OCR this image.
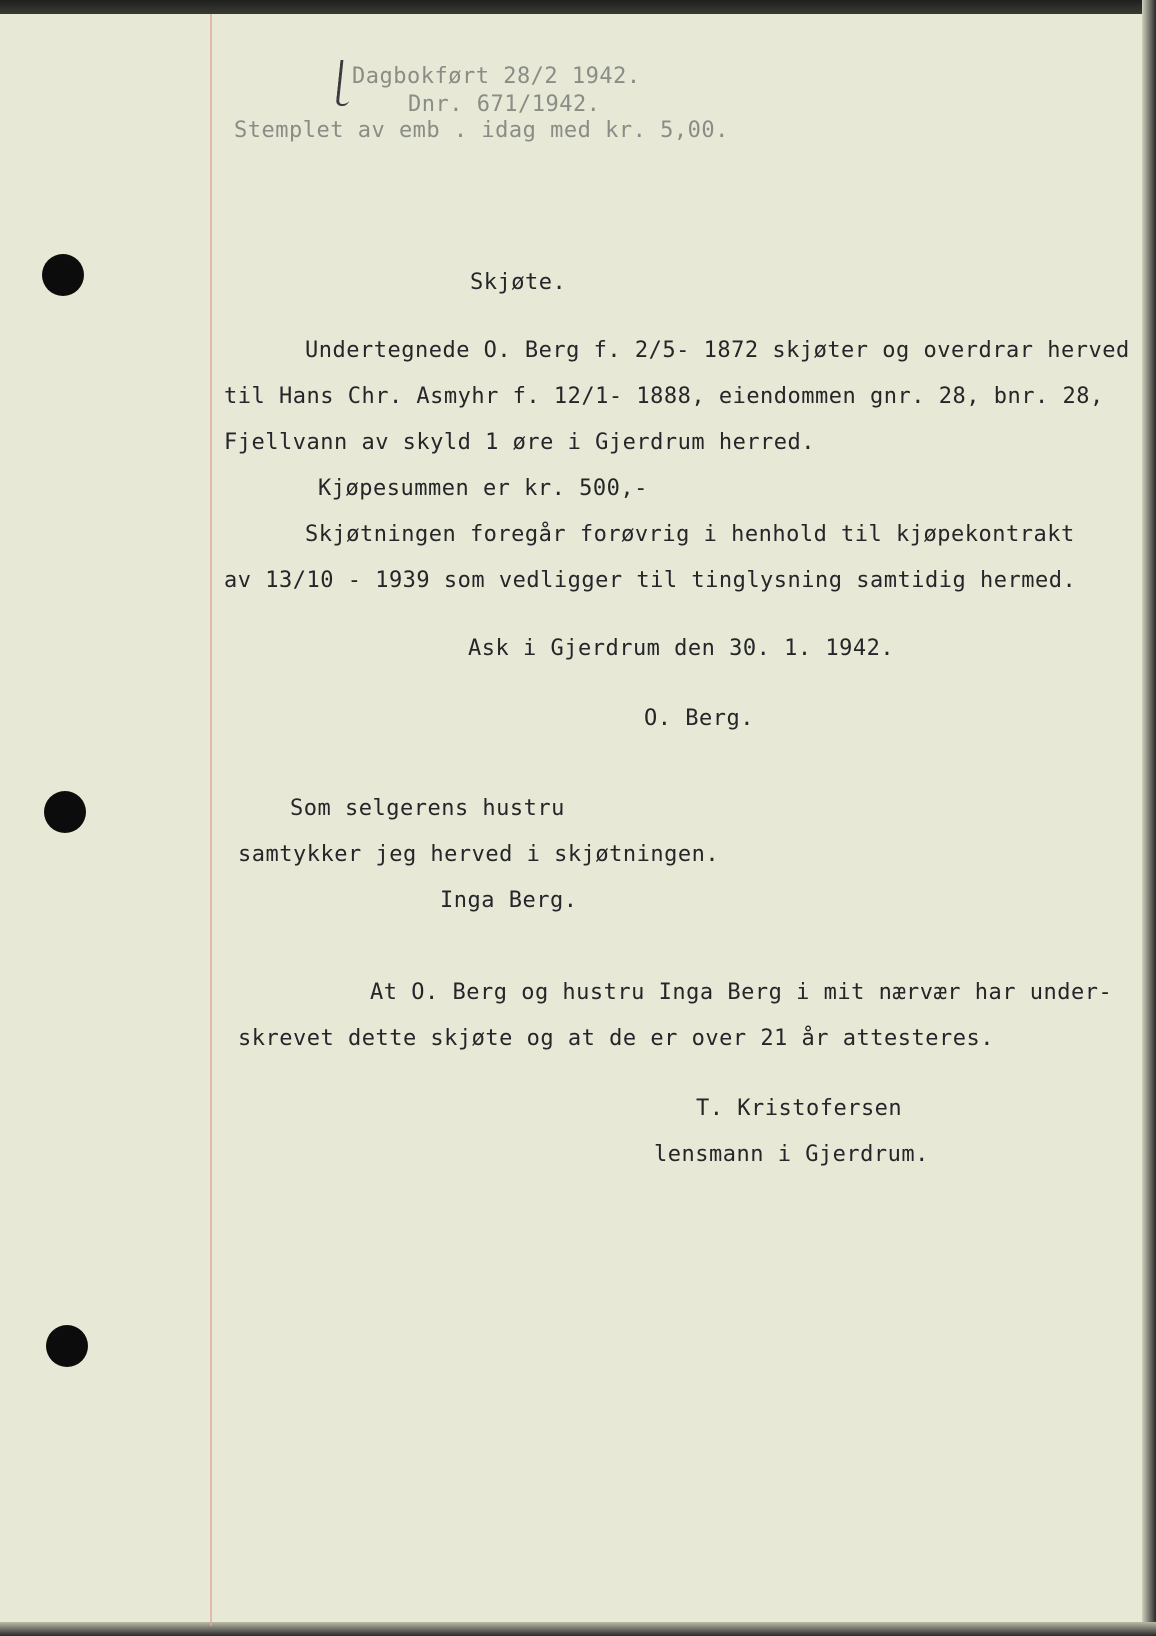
Dagbokført 28/2 1942.
Dnr. 671/1942.
Stemplet av emb . idag med kr. 5,00.
Skjøte.
Undertegnede O. Berg f. 2/5- 1872 skjøter og overdrar herved
til Hans Chr. Asmyhr f. 12/1- 1888, eiendommen gnr. 28, bnr. 28,
Fjellvann av skyld 1 øre i Gjerdrum herred.
Kjøpesummen er kr. 500,-
Skjøtningen foregår forøvrig i henhold til kjøpekontrakt
av 13/10 - 1939 som vedligger til tinglysning samtidig hermed.
Ask i Gjerdrum den 30. 1. 1942.
O. Berg.
Som selgerens hustru
samtykker jeg herved i skjøtningen.
Inga Berg.
At O. Berg og hustru Inga Berg i mit nærvær har under-
skrevet dette skjøte og at de er over 21 år attesteres.
T. Kristofersen
lensmann i Gjerdrum.
